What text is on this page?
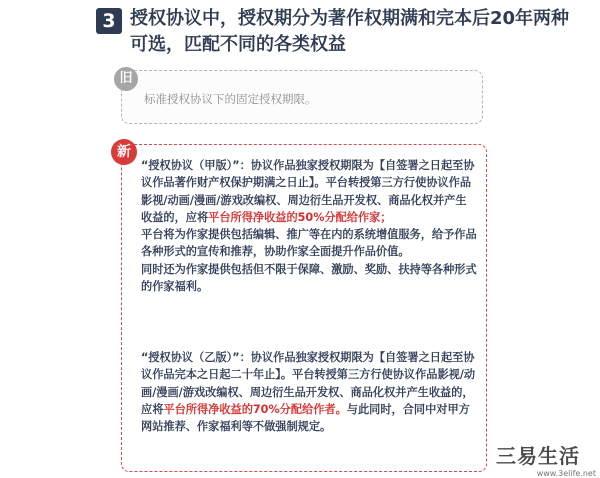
3 授权协议中，授权期分为著作权期满和完本后20年两种可选，匹配不同的各类权益
旧
标准授权协议下的固定授权期限。
新

“授权协议（甲版）”：协议作品独家授权期限为【自签署之日起至协议作品著作财产权保护期满之日止】。平台转授第三方行使协议作品影视/动画/漫画/游戏改编权、周边衍生品开发权、商品化权并产生收益的，应将平台所得净收益的50%分配给作家；
平台将为作家提供包括编辑、推广等在内的系统增值服务，给予作品各种形式的宣传和推荐，协助作家全面提升作品价值。
同时还为作家提供包括但不限于保障、激励、奖励、扶持等各种形式的作家福利。

“授权协议（乙版）”：协议作品独家授权期限为【自签署之日起至协议作品完本之日起二十年止】。平台转授第三方行使协议作品影视/动画/漫画/游戏改编权、周边衍生品开发权、商品化权并产生收益的，应将平台所得净收益的70%分配给作者。与此同时，合同中对甲方网站推荐、作家福利等不做强制规定。

三易生活
www.3elife.net
